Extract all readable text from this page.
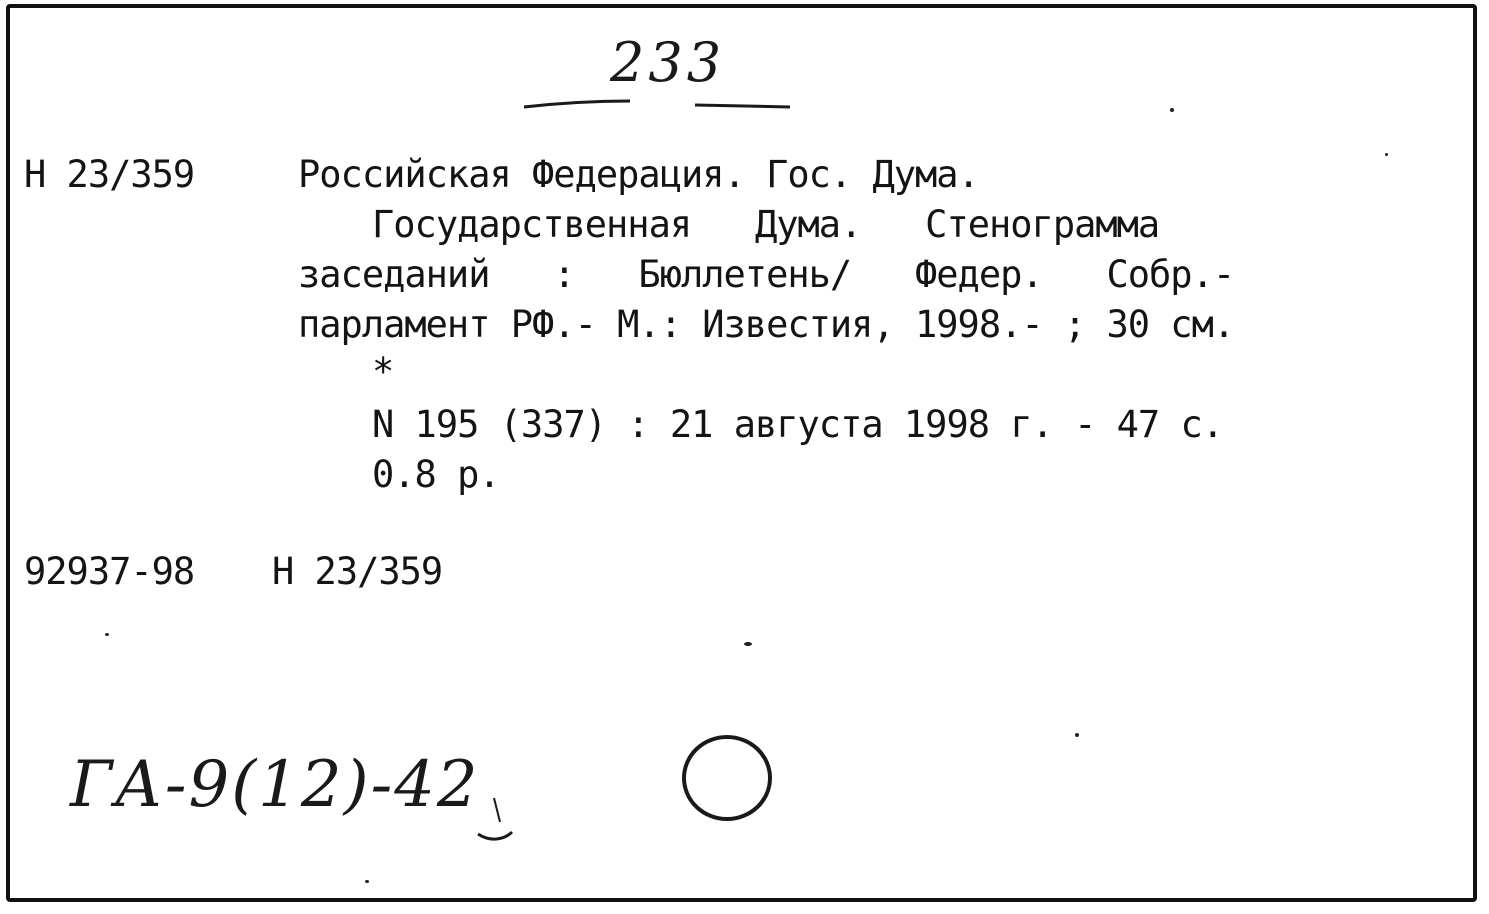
233
Н 23/359	Российская Федерация. Гос. Дума.
Государственная   Дума.   Стенограмма
заседаний   :   Бюллетень/   Федер.   Собр.-
парламент РФ.- М.: Известия, 1998.- ; 30 см.
*
N 195 (337) : 21 августа 1998 г. - 47 с.
0.8 р.
92937-98 Н 23/359
ГА-9(12)-42
